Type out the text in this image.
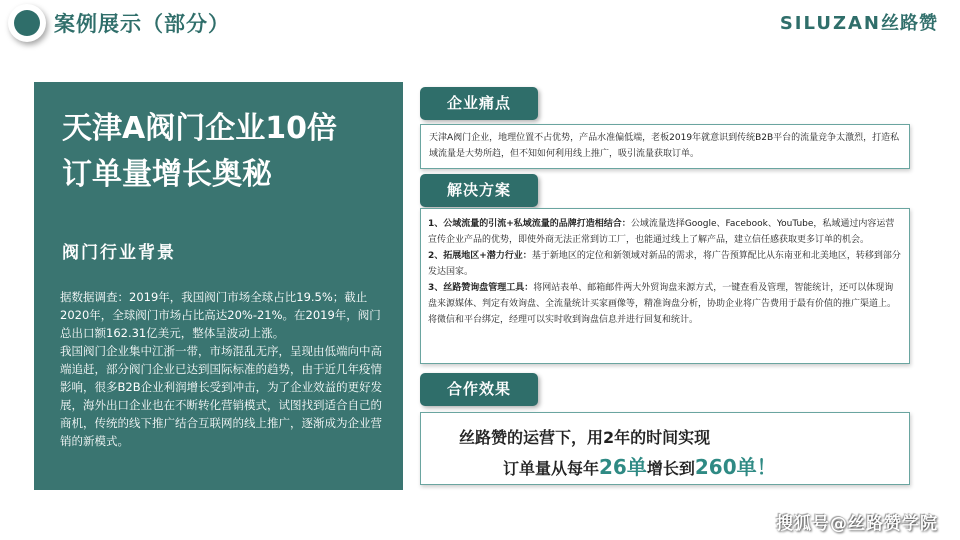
案例展示（部分）	SILUZAN丝路赞
天津A阀门企业10倍
订单量增长奥秘
阀门行业背景

据数据调查：2019年，我国阀门市场全球占比19.5%；截止2020年，全球阀门市场占比高达20%-21%。在2019年，阀门总出口额162.31亿美元，整体呈波动上涨。

我国阀门企业集中江浙一带，市场混乱无序，呈现由低端向中高端追赶，部分阀门企业已达到国际标准的趋势，由于近几年疫情影响，很多B2B企业利润增长受到冲击，为了企业效益的更好发展，海外出口企业也在不断转化营销模式，试图找到适合自己的商机，传统的线下推广结合互联网的线上推广，逐渐成为企业营销的新模式。

企业痛点
天津A阀门企业，地理位置不占优势，产品水准偏低端，老板2019年就意识到传统B2B平台的流量竞争太激烈，打造私域流量是大势所趋，但不知如何利用线上推广，吸引流量获取订单。
解决方案
1、公域流量的引流+私域流量的品牌打造相结合：公域流量选择Google、Facebook、YouTube，私域通过内容运营宣传企业产品的优势，即使外商无法正常到访工厂，也能通过线上了解产品，建立信任感获取更多订单的机会。
2、拓展地区+潜力行业：基于新地区的定位和新领域对新品的需求，将广告预算配比从东南亚和北美地区，转移到部分发达国家。
3、丝路赞询盘管理工具：将网站表单、邮箱邮件两大外贸询盘来源方式，一键查看及管理，智能统计，还可以体现询盘来源媒体、判定有效询盘、全流量统计买家画像等，精准询盘分析，协助企业将广告费用于最有价值的推广渠道上。将微信和平台绑定，经理可以实时收到询盘信息并进行回复和统计。
合作效果
丝路赞的运营下，用2年的时间实现
订单量从每年26单增长到260单！
搜狐号@丝路赞学院
